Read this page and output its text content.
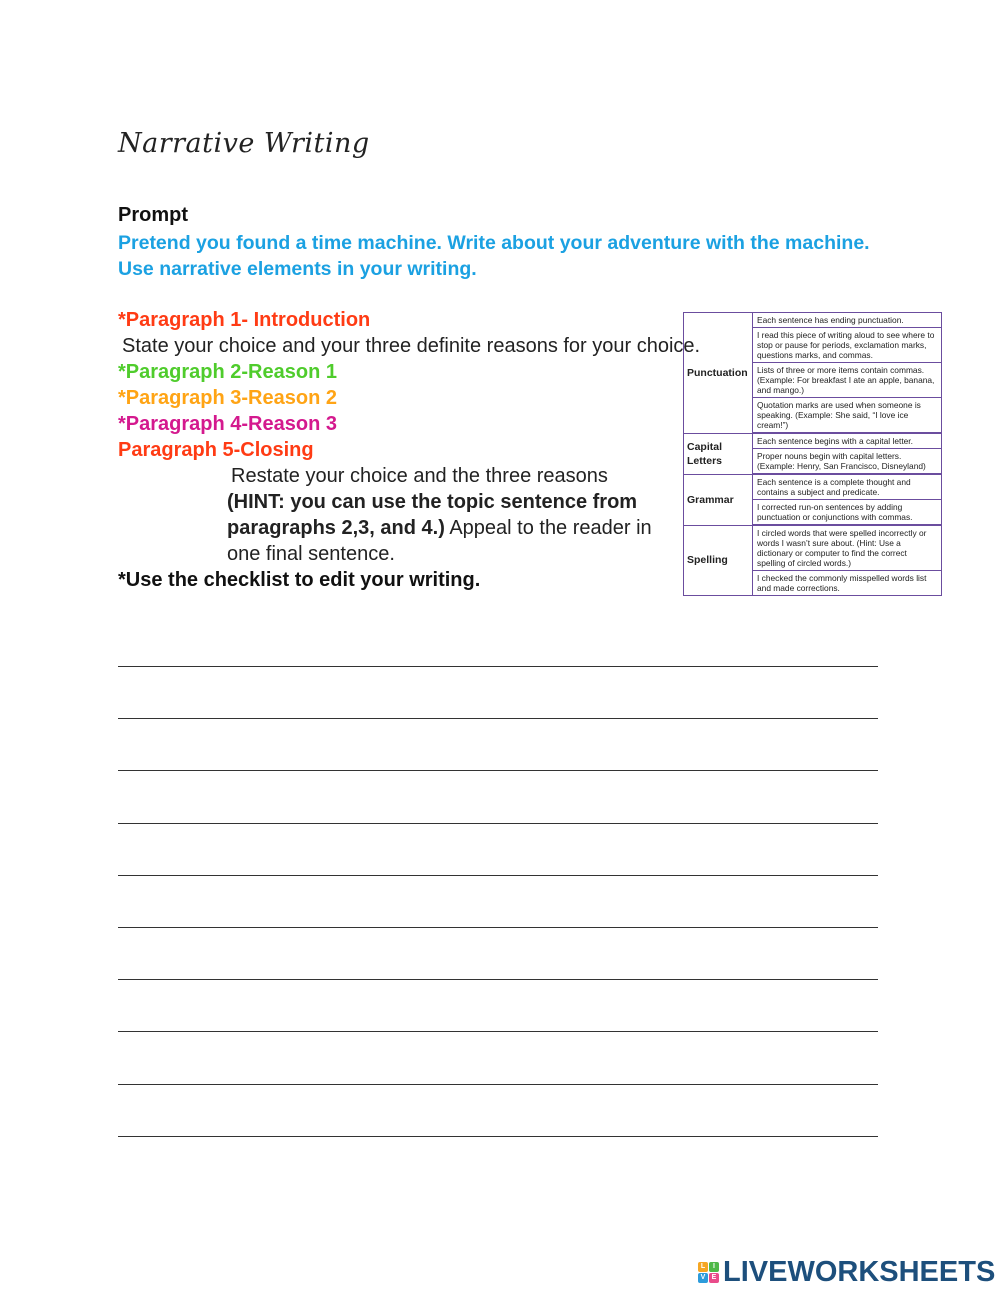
Narrative Writing
Prompt
Pretend you found a time machine. Write about your adventure with the machine. Use narrative elements in your writing.
*Paragraph 1- Introduction
State your choice and your three definite reasons for your choice.
*Paragraph 2-Reason 1
*Paragraph 3-Reason 2
*Paragraph 4-Reason 3
Paragraph 5-Closing
Restate your choice and the three reasons
(HINT: you can use the topic sentence from paragraphs 2,3, and 4.) Appeal to the reader in one final sentence.
*Use the checklist to edit your writing.
Punctuation	Each sentence has ending punctuation.
	I read this piece of writing aloud to see where to stop or pause for periods, exclamation marks, questions marks, and commas.
	Lists of three or more items contain commas. (Example: For breakfast I ate an apple, banana, and mango.)
	Quotation marks are used when someone is speaking. (Example: She said, “I love ice cream!”)
Capital Letters	Each sentence begins with a capital letter.
	Proper nouns begin with capital letters. (Example: Henry, San Francisco, Disneyland)
Grammar	Each sentence is a complete thought and contains a subject and predicate.
	I corrected run-on sentences by adding punctuation or conjunctions with commas.
Spelling	I circled words that were spelled incorrectly or words I wasn’t sure about. (Hint: Use a dictionary or computer to find the correct spelling of circled words.)
	I checked the commonly misspelled words list and made corrections.
L	I
V E LIVEWORKSHEETS
